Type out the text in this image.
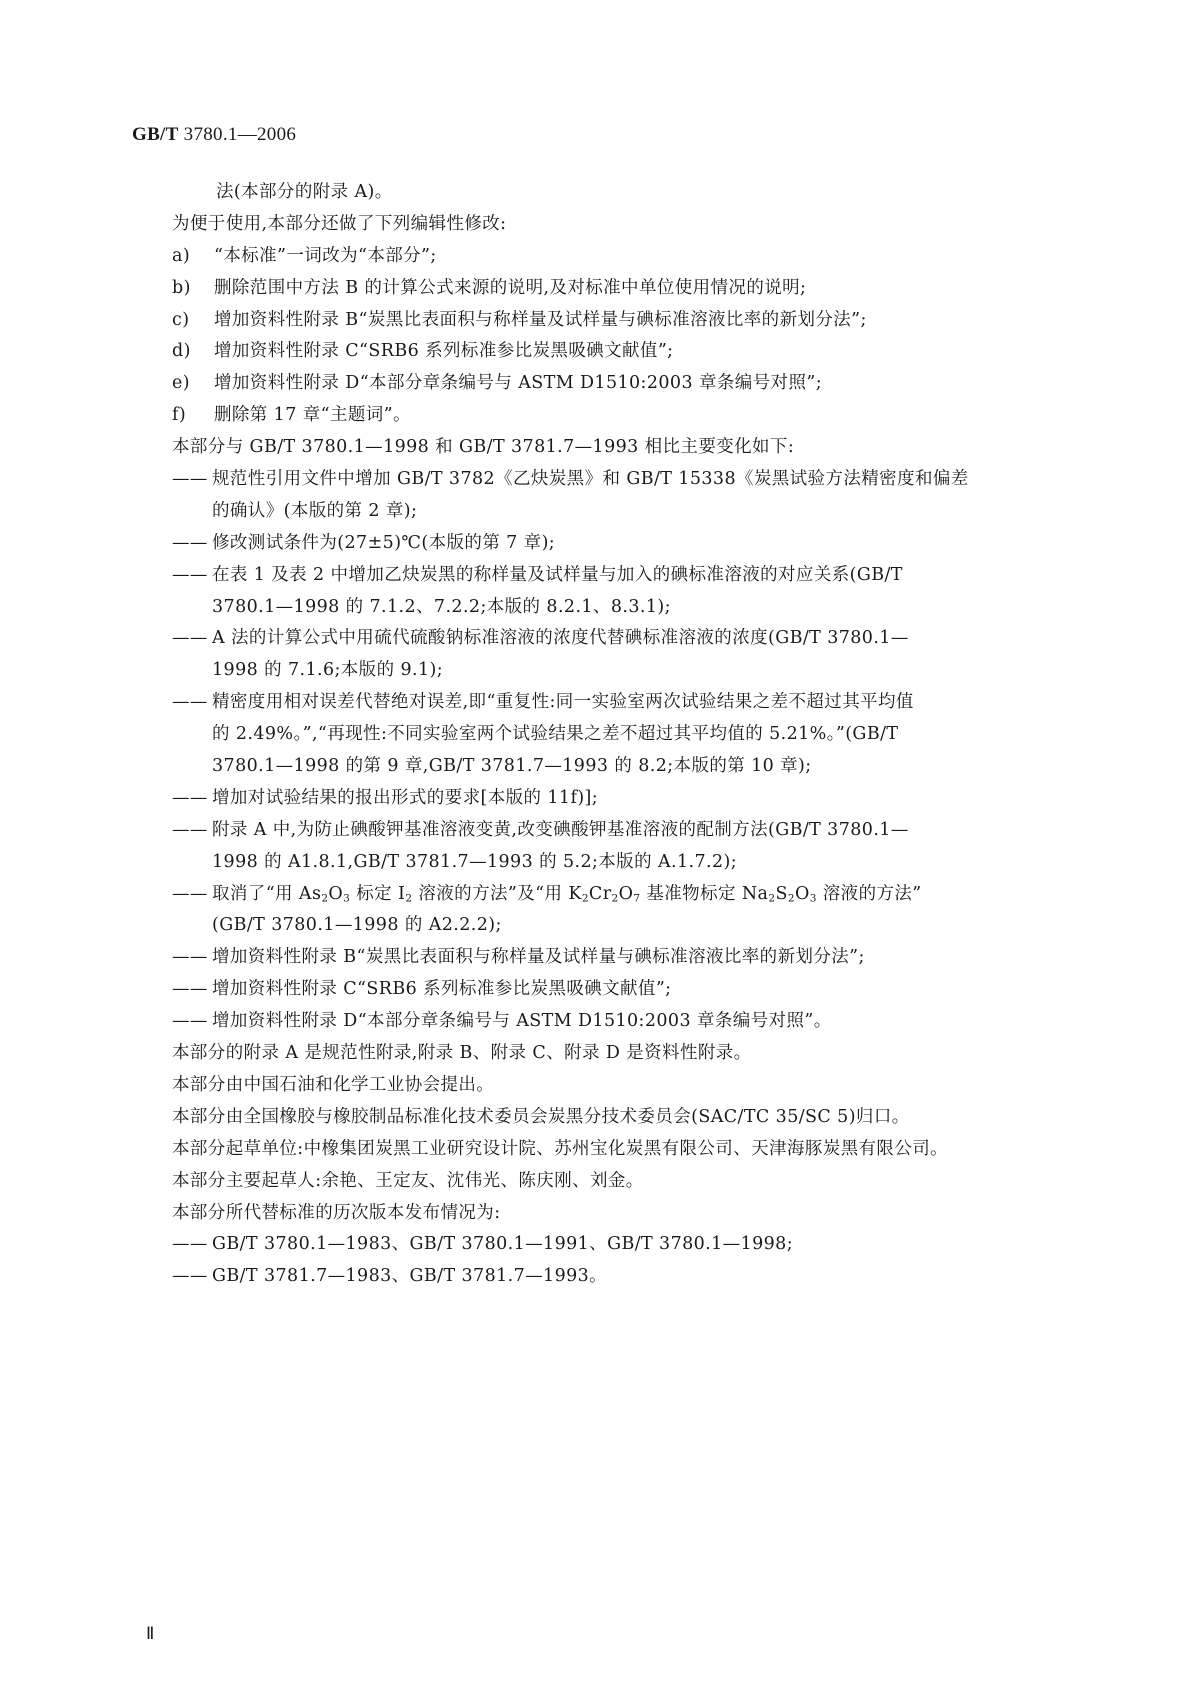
GB/T 3780.1—2006
法(本部分的附录 A)。
为便于使用,本部分还做了下列编辑性修改:
a) “本标准”一词改为“本部分”;
b) 删除范围中方法 B 的计算公式来源的说明,及对标准中单位使用情况的说明;
c) 增加资料性附录 B“炭黑比表面积与称样量及试样量与碘标准溶液比率的新划分法”;
d) 增加资料性附录 C“SRB6 系列标准参比炭黑吸碘文献值”;
e) 增加资料性附录 D“本部分章条编号与 ASTM D1510:2003 章条编号对照”;
f) 删除第 17 章“主题词”。
本部分与 GB/T 3780.1—1998 和 GB/T 3781.7—1993 相比主要变化如下:
—— 规范性引用文件中增加 GB/T 3782《乙炔炭黑》和 GB/T 15338《炭黑试验方法精密度和偏差
的确认》(本版的第 2 章);
—— 修改测试条件为(27±5)℃(本版的第 7 章);
—— 在表 1 及表 2 中增加乙炔炭黑的称样量及试样量与加入的碘标准溶液的对应关系(GB/T
3780.1—1998 的 7.1.2、7.2.2;本版的 8.2.1、8.3.1);
—— A 法的计算公式中用硫代硫酸钠标准溶液的浓度代替碘标准溶液的浓度(GB/T 3780.1—
1998 的 7.1.6;本版的 9.1);
—— 精密度用相对误差代替绝对误差,即“重复性:同一实验室两次试验结果之差不超过其平均值
的 2.49%。”,“再现性:不同实验室两个试验结果之差不超过其平均值的 5.21%。”(GB/T
3780.1—1998 的第 9 章,GB/T 3781.7—1993 的 8.2;本版的第 10 章);
—— 增加对试验结果的报出形式的要求[本版的 11f)];
—— 附录 A 中,为防止碘酸钾基准溶液变黄,改变碘酸钾基准溶液的配制方法(GB/T 3780.1—
1998 的 A1.8.1,GB/T 3781.7—1993 的 5.2;本版的 A.1.7.2);
—— 取消了“用 $As_2O_3$ 标定 $I_2$ 溶液的方法”及“用 $K_2Cr_2O_7$ 基准物标定 $Na_2S_2O_3$ 溶液的方法”
(GB/T 3780.1—1998 的 A2.2.2);
—— 增加资料性附录 B“炭黑比表面积与称样量及试样量与碘标准溶液比率的新划分法”;
—— 增加资料性附录 C“SRB6 系列标准参比炭黑吸碘文献值”;
—— 增加资料性附录 D“本部分章条编号与 ASTM D1510:2003 章条编号对照”。
本部分的附录 A 是规范性附录,附录 B、附录 C、附录 D 是资料性附录。
本部分由中国石油和化学工业协会提出。
本部分由全国橡胶与橡胶制品标准化技术委员会炭黑分技术委员会(SAC/TC 35/SC 5)归口。
本部分起草单位:中橡集团炭黑工业研究设计院、苏州宝化炭黑有限公司、天津海豚炭黑有限公司。
本部分主要起草人:余艳、王定友、沈伟光、陈庆刚、刘金。
本部分所代替标准的历次版本发布情况为:
—— GB/T 3780.1—1983、GB/T 3780.1—1991、GB/T 3780.1—1998;
—— GB/T 3781.7—1983、GB/T 3781.7—1993。
Ⅱ
